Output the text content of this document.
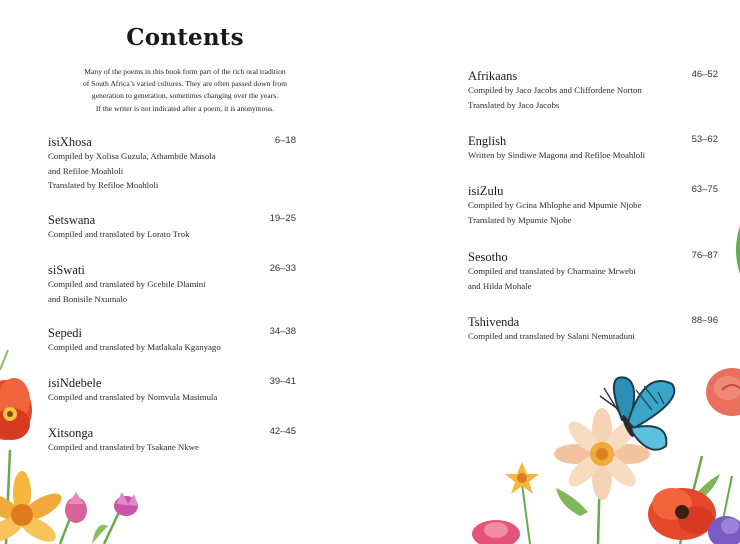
Contents
Many of the poems in this book form part of the rich oral tradition
of South Africa’s varied cultures. They are often passed down from
generation to generation, sometimes changing over the years.
If the writer is not indicated after a poem, it is anonymous.
isiXhosa	6–18
Compiled by Xolisa Guzula, Athambile Masola
and Refiloe Moahloli
Translated by Refiloe Moahloli
Setswana	19–25
Compiled and translated by Lorato Trok
siSwati	26–33
Compiled and translated by Gcebile Dlamini
and Bonisile Nxumalo
Sepedi	34–38
Compiled and translated by Matlakala Kganyago
isiNdebele	39–41
Compiled and translated by Nomvula Masimula
Xitsonga	42–45
Compiled and translated by Tsakane Nkwe
Afrikaans	46–52
Compiled by Jaco Jacobs and Cliffordene Norton
Translated by Jaco Jacobs
English	53–62
Written by Sindiwe Magona and Refiloe Moahloli
isiZulu	63–75
Compiled by Gcina Mhlophe and Mpumie Njobe
Translated by Mpumie Njobe
Sesotho	76–87
Compiled and translated by Charmaine Mrwebi
and Hilda Mohale
Tshivenda	88–96
Compiled and translated by Salani Nemutaduni
